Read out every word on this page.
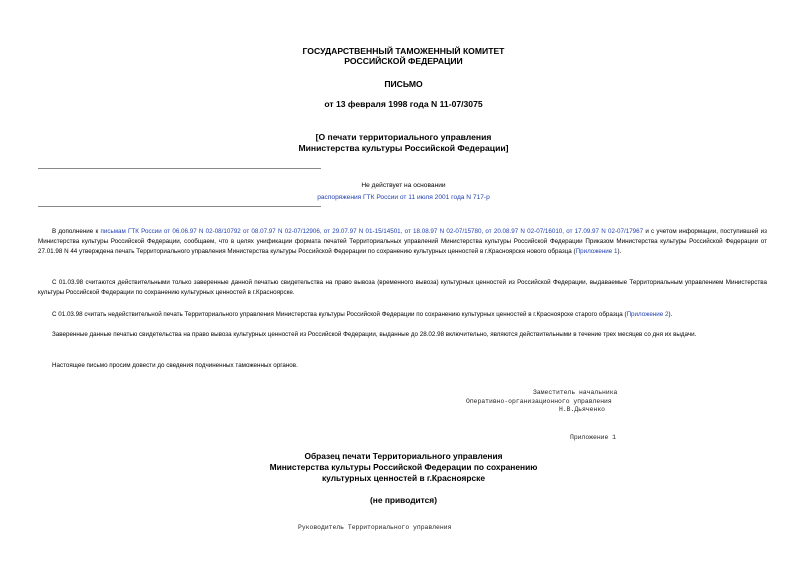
ГОСУДАРСТВЕННЫЙ ТАМОЖЕННЫЙ КОМИТЕТ
РОССИЙСКОЙ ФЕДЕРАЦИИ
ПИСЬМО
от 13 февраля 1998 года N 11-07/3075
[О печати территориального управления
Министерства культуры Российской Федерации]
Не действует на основании
распоряжения ГТК России от 11 июля 2001 года N 717-р
В дополнение к письмам ГТК России от 06.06.97 N 02-08/10792 от 08.07.97 N 02-07/12906, от 29.07.97 N 01-15/14501, от 18.08.97 N 02-07/15780, от 20.08.97 N 02-07/16010, от 17.09.97 N 02-07/17967 и с учетом информации, поступившей из Министерства культуры Российской Федерации, сообщаем, что в целях унификации формата печатей Территориальных управлений Министерства культуры Российской Федерации Приказом Министерства культуры Российской Федерации от 27.01.98 N 44 утверждена печать Территориального управления Министерства культуры Российской Федерации по сохранению культурных ценностей в г.Красноярске нового образца (Приложение 1).
С 01.03.98 считаются действительными только заверенные данной печатью свидетельства на право вывоза (временного вывоза) культурных ценностей из Российской Федерации, выдаваемые Территориальным управлением Министерства культуры Российской Федерации по сохранению культурных ценностей в г.Красноярске.
С 01.03.98 считать недействительной печать Территориального управления Министерства культуры Российской Федерации по сохранению культурных ценностей в г.Красноярске старого образца (Приложение 2).
Заверенные данные печатью свидетельства на право вывоза культурных ценностей из Российской Федерации, выданные до 28.02.98 включительно, являются действительными в течение трех месяцев со дня их выдачи.
Настоящее письмо просим довести до сведения подчиненных таможенных органов.
Заместитель начальника
Оперативно-организационного управления
Н.В.Дьяченко
Приложение 1
Образец печати Территориального управления
Министерства культуры Российской Федерации по сохранению
культурных ценностей в г.Красноярске
(не приводится)
Руководитель Территориального управления
